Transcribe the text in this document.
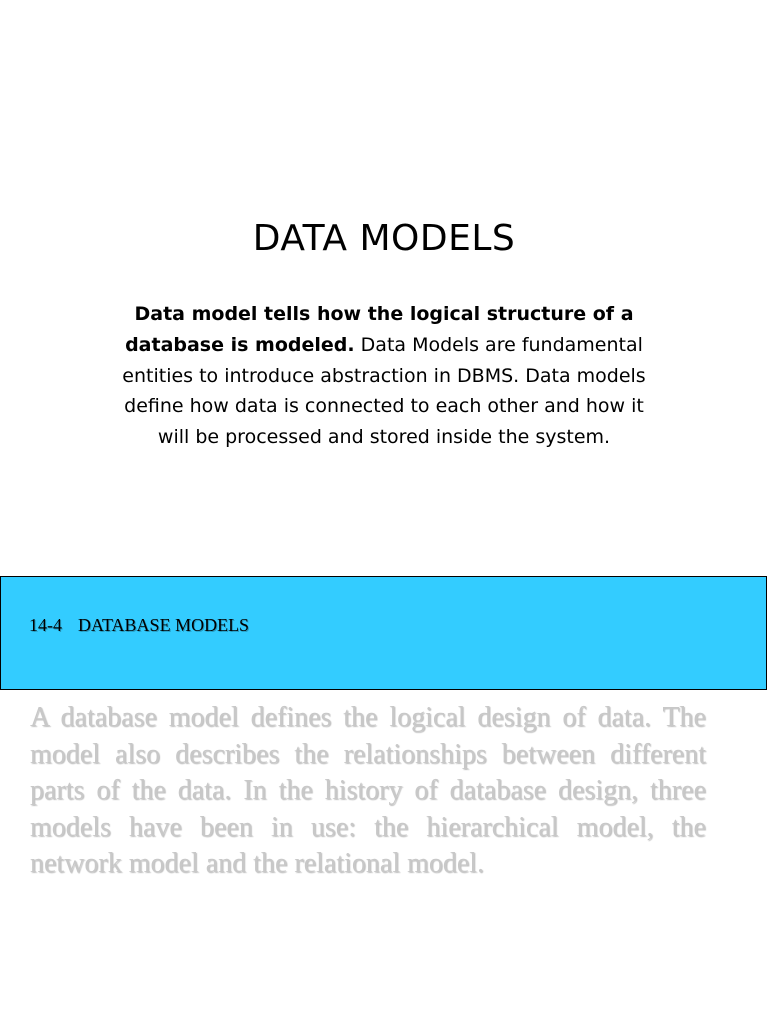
DATA MODELS
Data model tells how the logical structure of a database is modeled. Data Models are fundamental entities to introduce abstraction in DBMS. Data models define how data is connected to each other and how it will be processed and stored inside the system.
14-4 DATABASE MODELS
A database model defines the logical design of data. The model also describes the relationships between different parts of the data. In the history of database design, three models have been in use: the hierarchical model, the network model and the relational model.
